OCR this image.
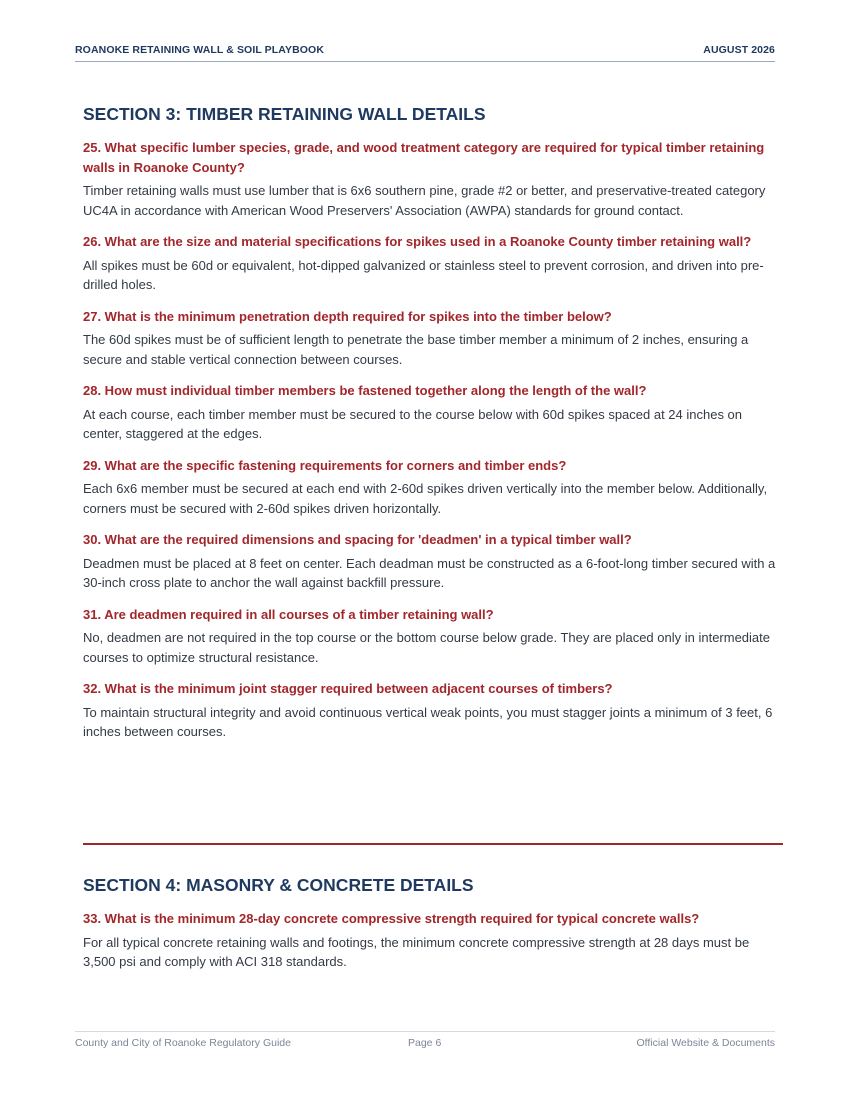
ROANOKE RETAINING WALL & SOIL PLAYBOOK	AUGUST 2026
SECTION 3: TIMBER RETAINING WALL DETAILS

25. What specific lumber species, grade, and wood treatment category are required for typical timber retaining walls in Roanoke County?

Timber retaining walls must use lumber that is 6x6 southern pine, grade #2 or better, and preservative-treated category UC4A in accordance with American Wood Preservers' Association (AWPA) standards for ground contact.

26. What are the size and material specifications for spikes used in a Roanoke County timber retaining wall?

All spikes must be 60d or equivalent, hot-dipped galvanized or stainless steel to prevent corrosion, and driven into pre-drilled holes.

27. What is the minimum penetration depth required for spikes into the timber below?

The 60d spikes must be of sufficient length to penetrate the base timber member a minimum of 2 inches, ensuring a secure and stable vertical connection between courses.

28. How must individual timber members be fastened together along the length of the wall?

At each course, each timber member must be secured to the course below with 60d spikes spaced at 24 inches on center, staggered at the edges.

29. What are the specific fastening requirements for corners and timber ends?

Each 6x6 member must be secured at each end with 2-60d spikes driven vertically into the member below. Additionally, corners must be secured with 2-60d spikes driven horizontally.

30. What are the required dimensions and spacing for 'deadmen' in a typical timber wall?

Deadmen must be placed at 8 feet on center. Each deadman must be constructed as a 6-foot-long timber secured with a 30-inch cross plate to anchor the wall against backfill pressure.

31. Are deadmen required in all courses of a timber retaining wall?

No, deadmen are not required in the top course or the bottom course below grade. They are placed only in intermediate courses to optimize structural resistance.

32. What is the minimum joint stagger required between adjacent courses of timbers?

To maintain structural integrity and avoid continuous vertical weak points, you must stagger joints a minimum of 3 feet, 6 inches between courses.

SECTION 4: MASONRY & CONCRETE DETAILS

33. What is the minimum 28-day concrete compressive strength required for typical concrete walls?

For all typical concrete retaining walls and footings, the minimum concrete compressive strength at 28 days must be 3,500 psi and comply with ACI 318 standards.

County and City of Roanoke Regulatory Guide	Page 6	Official Website & Documents
